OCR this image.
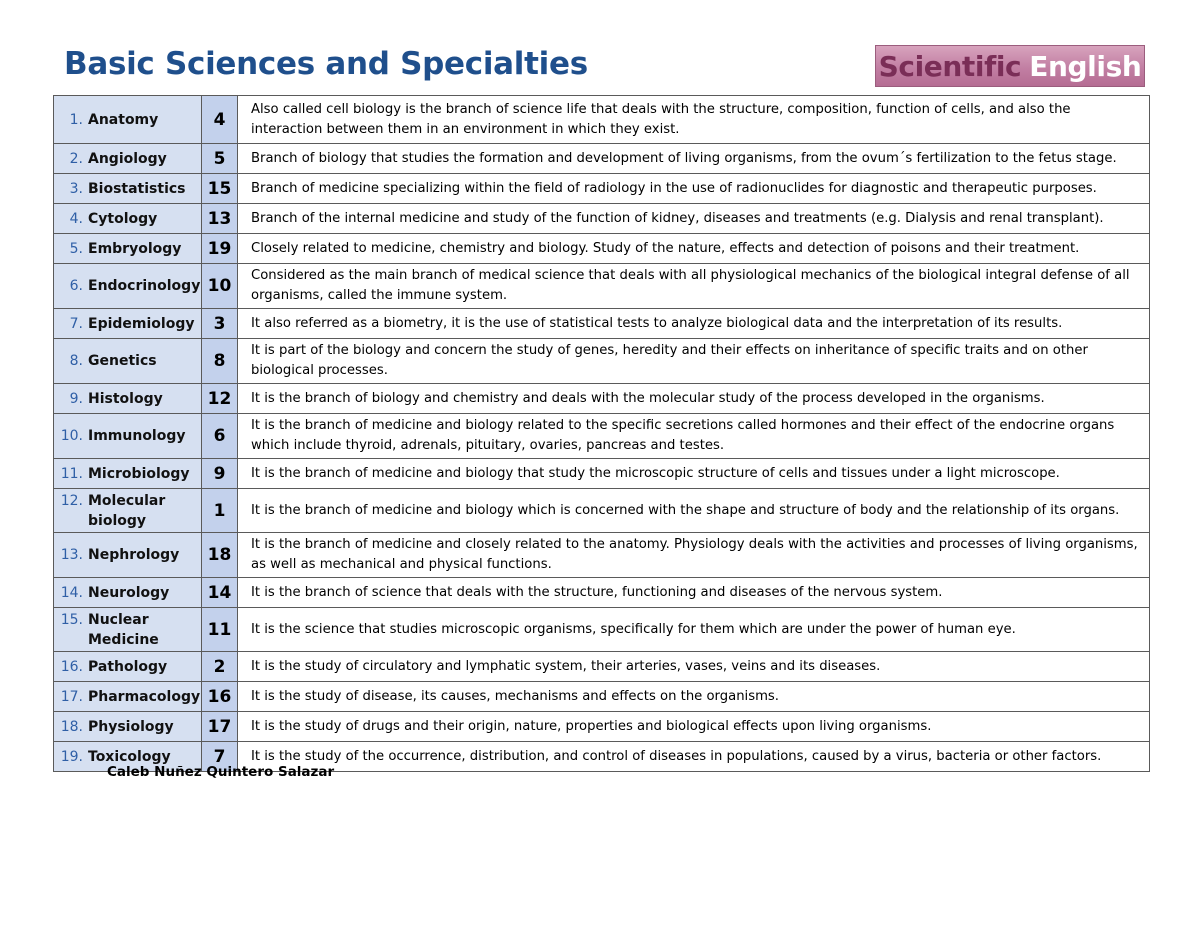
Basic Sciences and Specialties	Scientific English
1. Anatomy	4	Also called cell biology is the branch of science life that deals with the structure, composition, function of cells, and also the interaction between them in an environment in which they exist.

2. Angiology	5	Branch of biology that studies the formation and development of living organisms, from the ovum´s fertilization to the fetus stage.

3. Biostatistics	15	Branch of medicine specializing within the field of radiology in the use of radionuclides for diagnostic and therapeutic purposes.

4. Cytology	13	Branch of the internal medicine and study of the function of kidney, diseases and treatments (e.g. Dialysis and renal transplant).

5. Embryology	19	Closely related to medicine, chemistry and biology. Study of the nature, effects and detection of poisons and their treatment.

6. Endocrinology	10	Considered as the main branch of medical science that deals with all physiological mechanics of the biological integral defense of all organisms, called the immune system.

7. Epidemiology	3	It also referred as a biometry, it is the use of statistical tests to analyze biological data and the interpretation of its results.

8. Genetics	8	It is part of the biology and concern the study of genes, heredity and their effects on inheritance of specific traits and on other biological processes.

9. Histology	12	It is the branch of biology and chemistry and deals with the molecular study of the process developed in the organisms.

10. Immunology	6	It is the branch of medicine and biology related to the specific secretions called hormones and their effect of the endocrine organs which include thyroid, adrenals, pituitary, ovaries, pancreas and testes.

11. Microbiology	9	It is the branch of medicine and biology that study the microscopic structure of cells and tissues under a light microscope.

12. Molecular biology	1	It is the branch of medicine and biology which is concerned with the shape and structure of body and the relationship of its organs.

13. Nephrology	18	It is the branch of medicine and closely related to the anatomy. Physiology deals with the activities and processes of living organisms, as well as mechanical and physical functions.

14. Neurology	14	It is the branch of science that deals with the structure, functioning and diseases of the nervous system.

15. Nuclear Medicine	11	It is the science that studies microscopic organisms, specifically for them which are under the power of human eye.

16. Pathology	2	It is the study of circulatory and lymphatic system, their arteries, vases, veins and its diseases.

17. Pharmacology	16	It is the study of disease, its causes, mechanisms and effects on the organisms.

18. Physiology	17	It is the study of drugs and their origin, nature, properties and biological effects upon living organisms.

19. Toxicology	7	It is the study of the occurrence, distribution, and control of diseases in populations, caused by a virus, bacteria or other factors.
Caleb Nuñez Quintero Salazar
